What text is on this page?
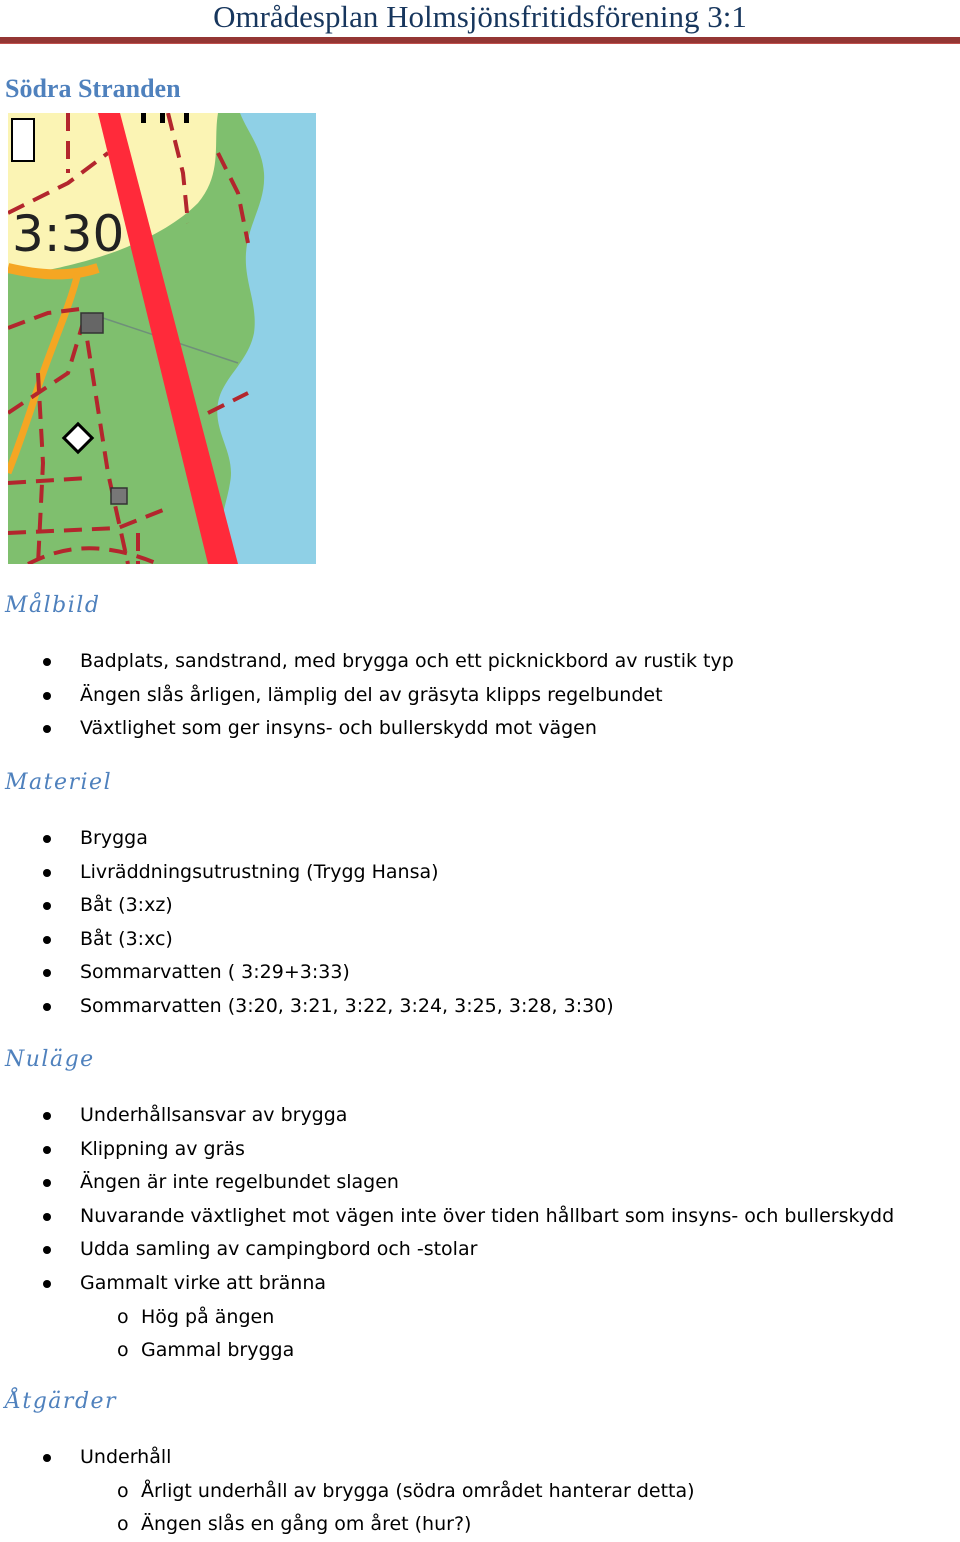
Områdesplan Holmsjönsfritidsförening 3:1
Södra Stranden
3:30
Målbild
Badplats, sandstrand, med brygga och ett picknickbord av rustik typ
Ängen slås årligen, lämplig del av gräsyta klipps regelbundet
Växtlighet som ger insyns- och bullerskydd mot vägen
Materiel
Brygga
Livräddningsutrustning (Trygg Hansa)
Båt (3:xz)
Båt (3:xc)
Sommarvatten ( 3:29+3:33)
Sommarvatten (3:20, 3:21, 3:22, 3:24, 3:25, 3:28, 3:30)
Nuläge
Underhållsansvar av brygga
Klippning av gräs
Ängen är inte regelbundet slagen
Nuvarande växtlighet mot vägen inte över tiden hållbart som insyns- och bullerskydd
Udda samling av campingbord och -stolar
Gammalt virke att bränna
o Hög på ängen
o Gammal brygga
Åtgärder
Underhåll
o Årligt underhåll av brygga (södra området hanterar detta)
o Ängen slås en gång om året (hur?)
